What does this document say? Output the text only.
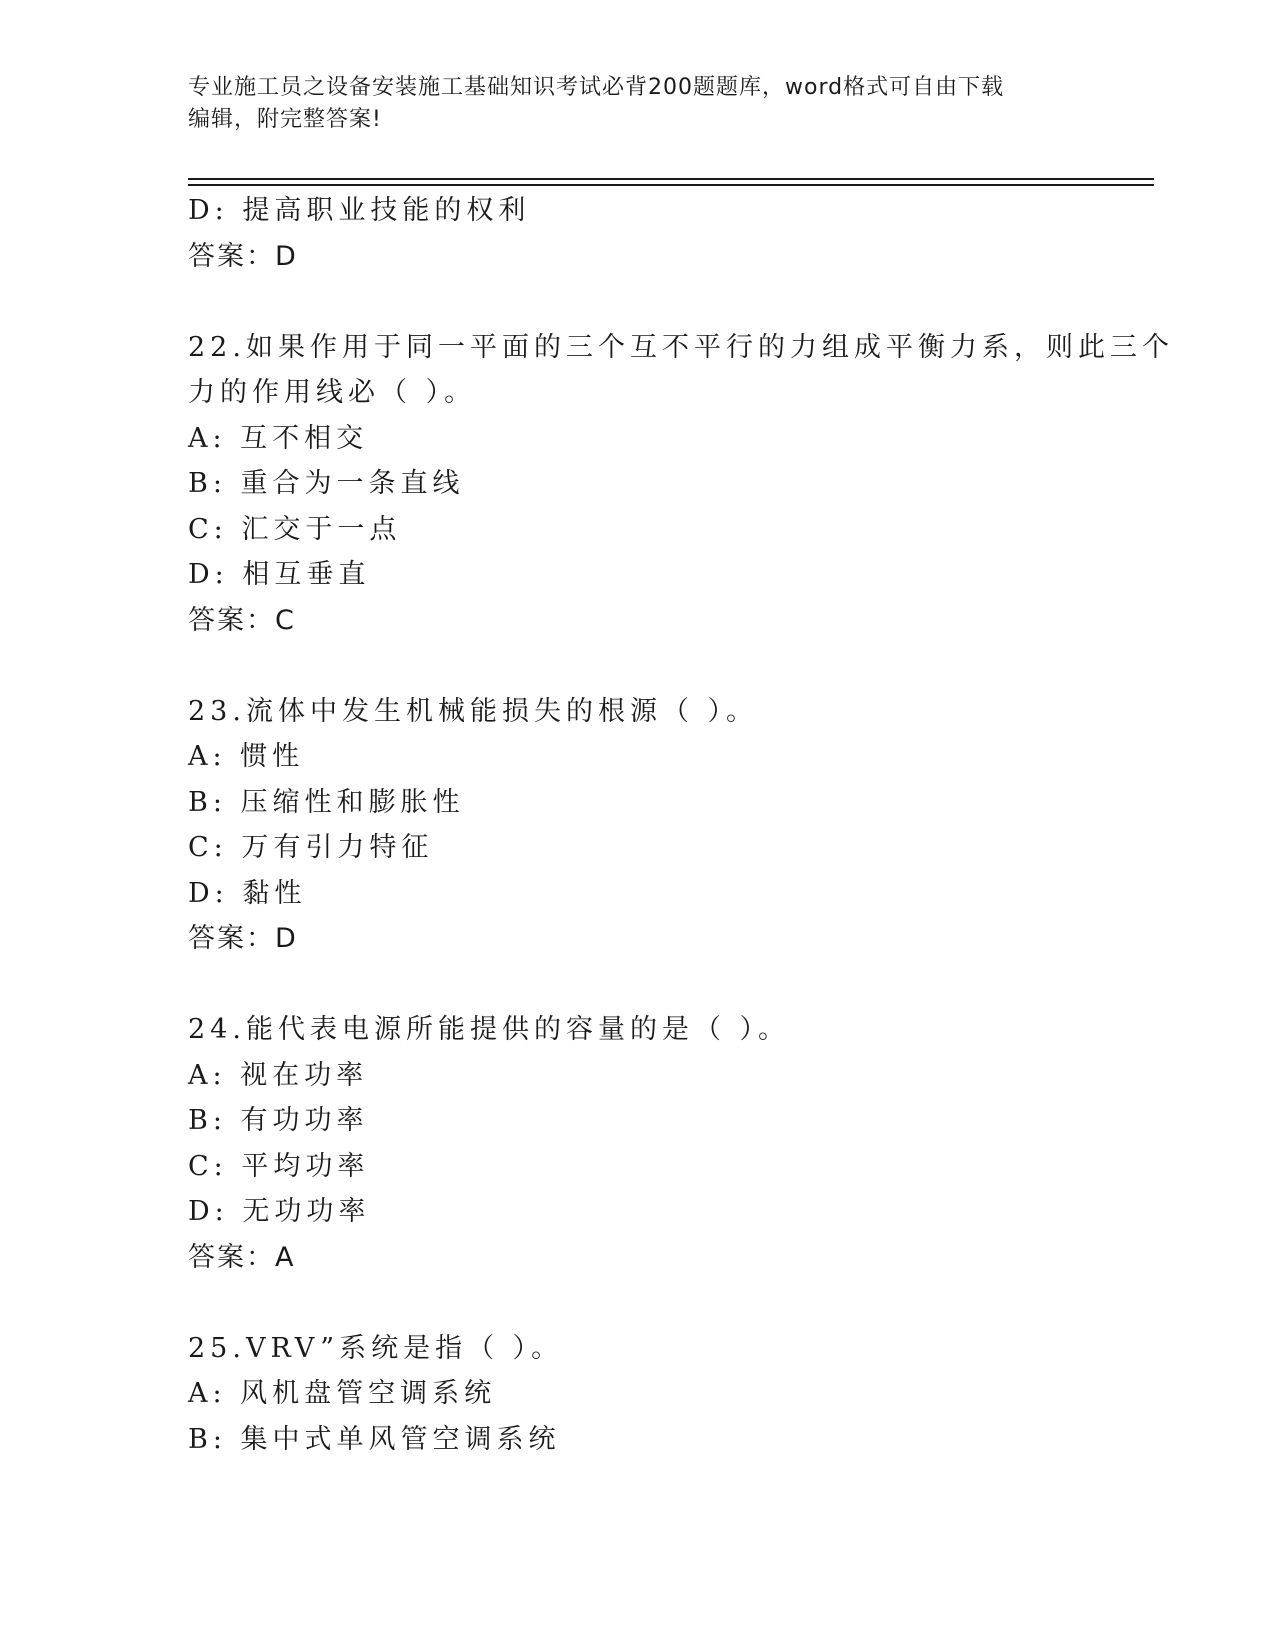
专业施工员之设备安装施工基础知识考试必背200题题库，word格式可自由下载
编辑，附完整答案!
D: 提高职业技能的权利
答案：D
22.如果作用于同一平面的三个互不平行的力组成平衡力系，则此三个
力的作用线必（ ）。
A: 互不相交
B: 重合为一条直线
C: 汇交于一点
D: 相互垂直
答案：C
23.流体中发生机械能损失的根源（ ）。
A: 惯性
B: 压缩性和膨胀性
C: 万有引力特征
D: 黏性
答案：D
24.能代表电源所能提供的容量的是（ ）。
A: 视在功率
B: 有功功率
C: 平均功率
D: 无功功率
答案：A
25.VRV”系统是指（ ）。
A: 风机盘管空调系统
B: 集中式单风管空调系统
